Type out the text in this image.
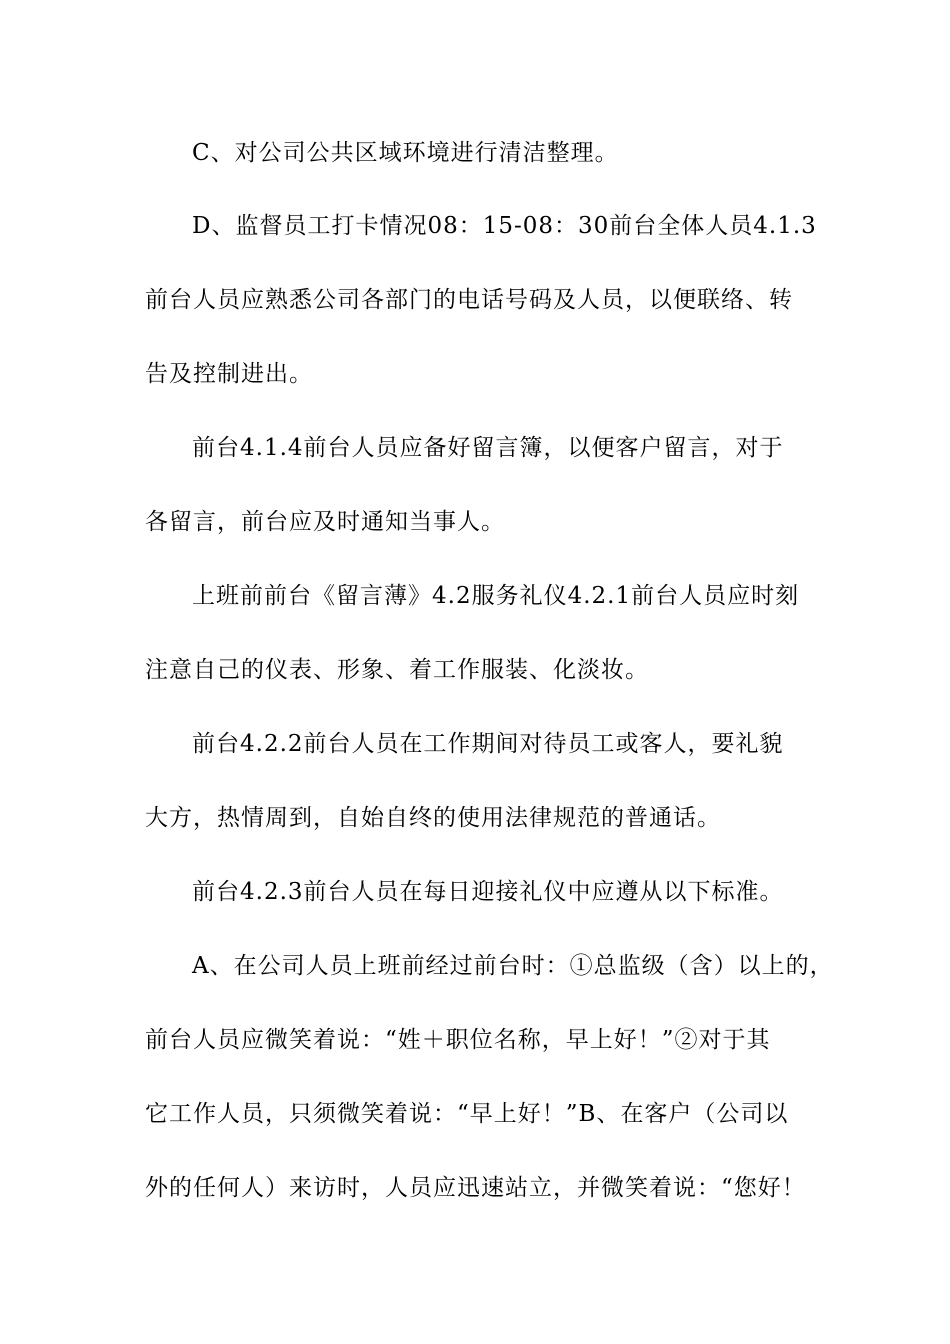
C、对公司公共区域环境进行清洁整理。
D、监督员工打卡情况08：15-08：30前台全体人员4.1.3
前台人员应熟悉公司各部门的电话号码及人员，以便联络、转
告及控制进出。
前台4.1.4前台人员应备好留言簿，以便客户留言，对于
各留言，前台应及时通知当事人。
上班前前台《留言薄》4.2服务礼仪4.2.1前台人员应时刻
注意自己的仪表、形象、着工作服装、化淡妆。
前台4.2.2前台人员在工作期间对待员工或客人，要礼貌
大方，热情周到，自始自终的使用法律规范的普通话。
前台4.2.3前台人员在每日迎接礼仪中应遵从以下标准。
A、在公司人员上班前经过前台时：①总监级（含）以上的，
前台人员应微笑着说：“姓＋职位名称，早上好！”②对于其
它工作人员，只须微笑着说：“早上好！”B、在客户（公司以
外的任何人）来访时，人员应迅速站立，并微笑着说：“您好！
